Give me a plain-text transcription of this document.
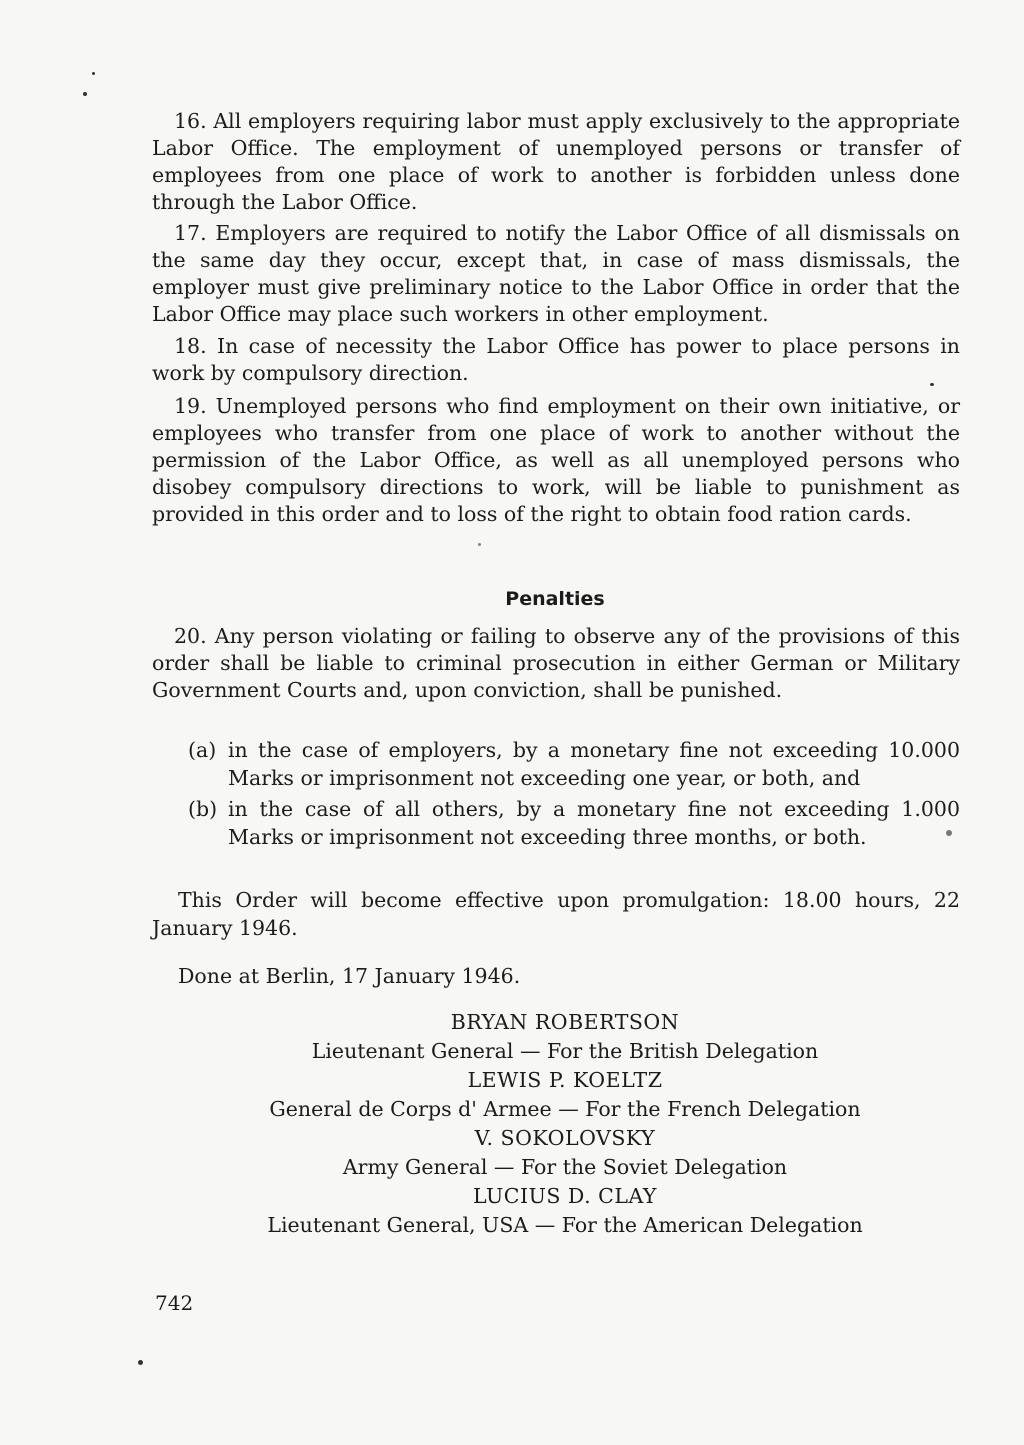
16. All employers requiring labor must apply exclusively to the appropriate Labor Office. The employment of unemployed persons or transfer of employees from one place of work to another is forbidden unless done through the Labor Office.

17. Employers are required to notify the Labor Office of all dismissals on the same day they occur, except that, in case of mass dismissals, the employer must give preliminary notice to the Labor Office in order that the Labor Office may place such workers in other employment.

18. In case of necessity the Labor Office has power to place persons in work by compulsory direction.

19. Unemployed persons who find employment on their own initiative, or employees who transfer from one place of work to another without the permission of the Labor Office, as well as all unemployed persons who disobey compulsory directions to work, will be liable to punishment as provided in this order and to loss of the right to obtain food ration cards.

Penalties

20. Any person violating or failing to observe any of the provisions of this order shall be liable to criminal prosecution in either German or Military Government Courts and, upon conviction, shall be punished.

(a) in the case of employers, by a monetary fine not exceeding 10.000 Marks or imprisonment not exceeding one year, or both, and
(b) in the case of all others, by a monetary fine not exceeding 1.000 Marks or imprisonment not exceeding three months, or both.

This Order will become effective upon promulgation: 18.00 hours, 22 January 1946.

Done at Berlin, 17 January 1946.

BRYAN ROBERTSON
Lieutenant General — For the British Delegation
LEWIS P. KOELTZ
General de Corps d' Armee — For the French Delegation
V. SOKOLOVSKY
Army General — For the Soviet Delegation
LUCIUS D. CLAY
Lieutenant General, USA — For the American Delegation

742
